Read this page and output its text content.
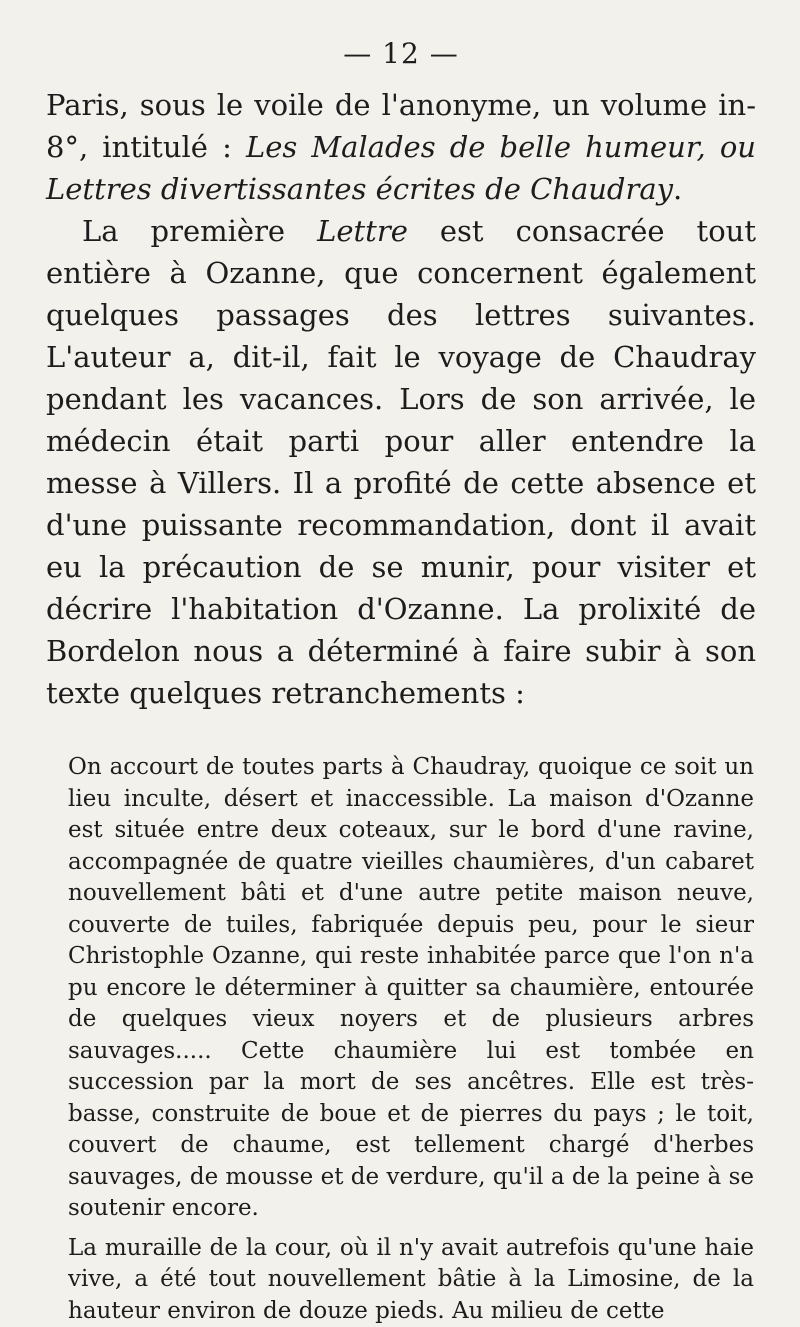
— 12 —

Paris, sous le voile de l'anonyme, un volume in-8°, intitulé : Les Malades de belle humeur, ou Lettres divertissantes écrites de Chaudray.

La première Lettre est consacrée tout entière à Ozanne, que concernent également quelques passages des lettres suivantes. L'auteur a, dit-il, fait le voyage de Chaudray pendant les vacances. Lors de son arrivée, le médecin était parti pour aller entendre la messe à Villers. Il a profité de cette absence et d'une puissante recommandation, dont il avait eu la précaution de se munir, pour visiter et décrire l'habitation d'Ozanne. La prolixité de Bordelon nous a déterminé à faire subir à son texte quelques retranchements :

On accourt de toutes parts à Chaudray, quoique ce soit un lieu inculte, désert et inaccessible. La maison d'Ozanne est située entre deux coteaux, sur le bord d'une ravine, accompagnée de quatre vieilles chaumières, d'un cabaret nouvellement bâti et d'une autre petite maison neuve, couverte de tuiles, fabriquée depuis peu, pour le sieur Christophle Ozanne, qui reste inhabitée parce que l'on n'a pu encore le déterminer à quitter sa chaumière, entourée de quelques vieux noyers et de plusieurs arbres sauvages..... Cette chaumière lui est tombée en succession par la mort de ses ancêtres. Elle est très-basse, construite de boue et de pierres du pays ; le toit, couvert de chaume, est tellement chargé d'herbes sauvages, de mousse et de verdure, qu'il a de la peine à se soutenir encore.

La muraille de la cour, où il n'y avait autrefois qu'une haie vive, a été tout nouvellement bâtie à la Limosine, de la hauteur environ de douze pieds. Au milieu de cette
